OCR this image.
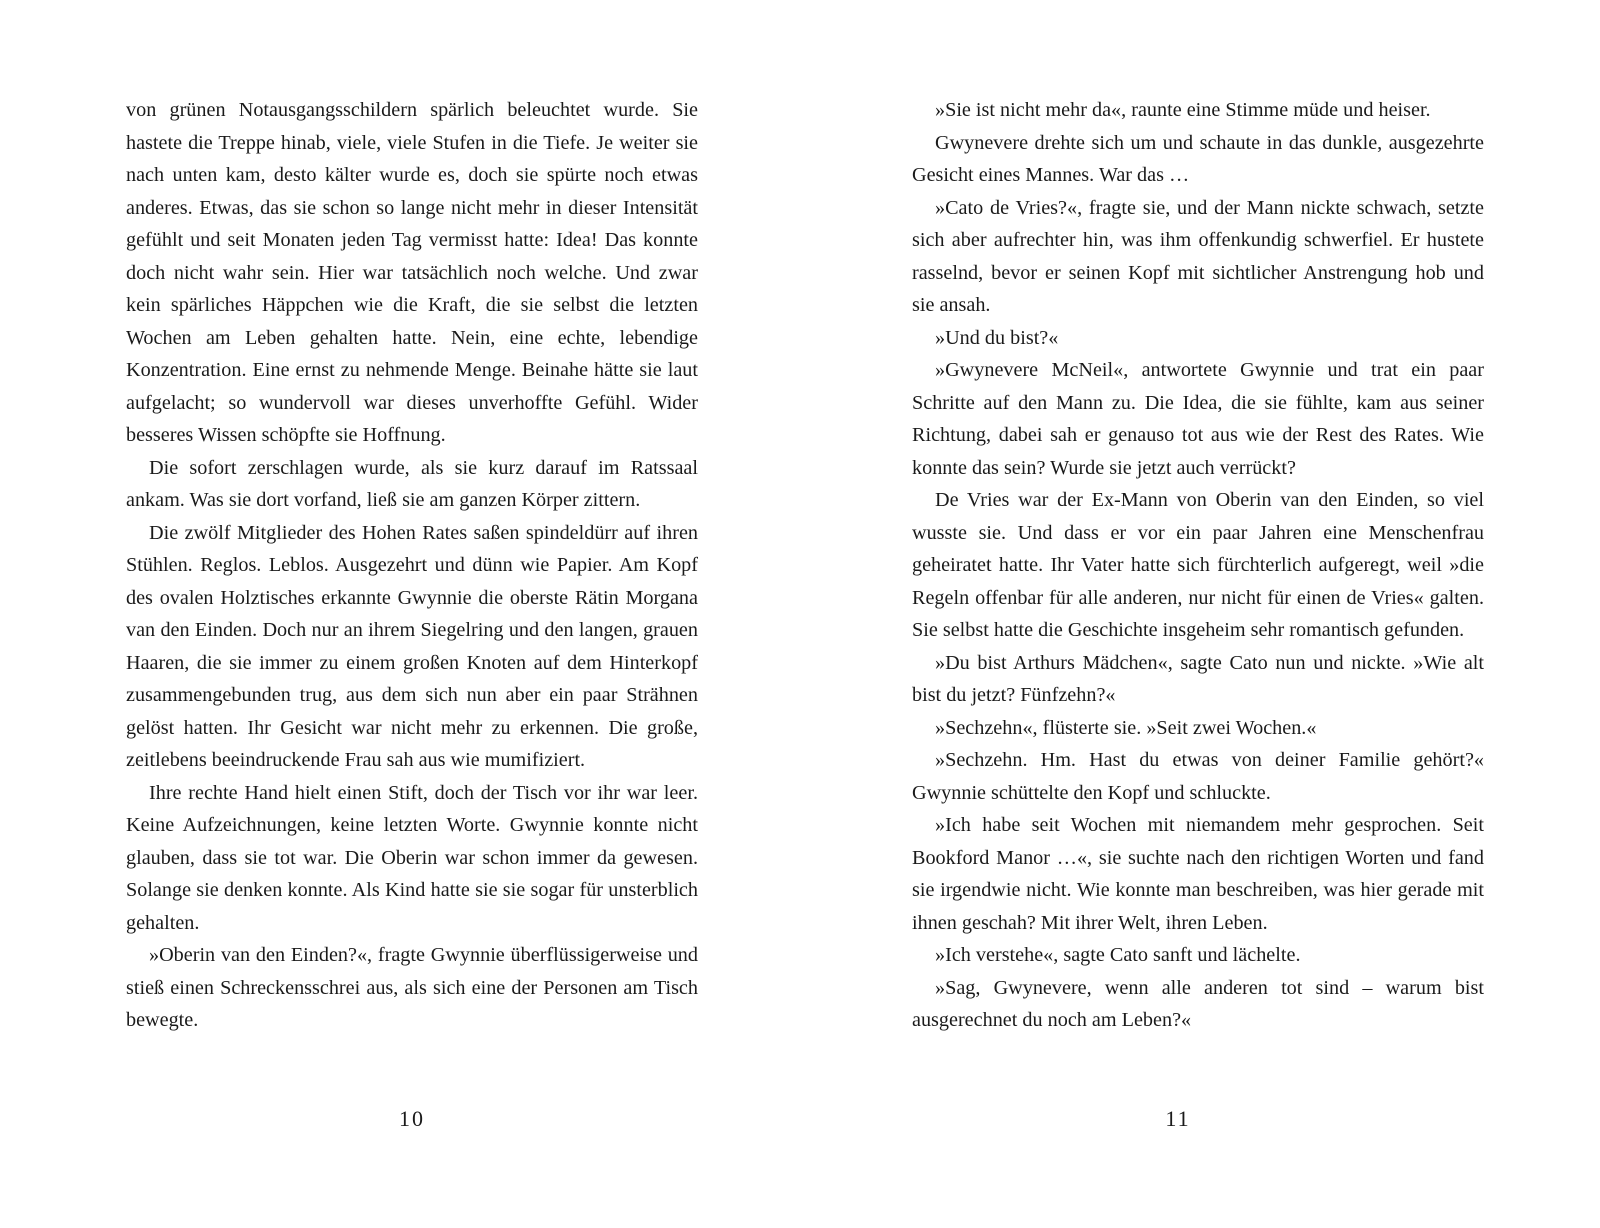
von grünen Notausgangsschildern spärlich beleuchtet wurde. Sie hastete die Treppe hinab, viele, viele Stufen in die Tiefe. Je weiter sie nach unten kam, desto kälter wurde es, doch sie spürte noch etwas anderes. Etwas, das sie schon so lange nicht mehr in dieser Intensität gefühlt und seit Monaten jeden Tag vermisst hatte: Idea! Das konnte doch nicht wahr sein. Hier war tatsächlich noch welche. Und zwar kein spärliches Häppchen wie die Kraft, die sie selbst die letzten Wochen am Leben gehalten hatte. Nein, eine echte, lebendige Konzentration. Eine ernst zu nehmende Menge. Beinahe hätte sie laut aufgelacht; so wundervoll war dieses unverhoffte Gefühl. Wider besseres Wissen schöpfte sie Hoffnung.

Die sofort zerschlagen wurde, als sie kurz darauf im Ratssaal ankam. Was sie dort vorfand, ließ sie am ganzen Körper zittern.

Die zwölf Mitglieder des Hohen Rates saßen spindeldürr auf ihren Stühlen. Reglos. Leblos. Ausgezehrt und dünn wie Papier. Am Kopf des ovalen Holztisches erkannte Gwynnie die oberste Rätin Morgana van den Einden. Doch nur an ihrem Siegelring und den langen, grauen Haaren, die sie immer zu einem großen Knoten auf dem Hinterkopf zusammengebunden trug, aus dem sich nun aber ein paar Strähnen gelöst hatten. Ihr Gesicht war nicht mehr zu erkennen. Die große, zeitlebens beeindruckende Frau sah aus wie mumifiziert.

Ihre rechte Hand hielt einen Stift, doch der Tisch vor ihr war leer. Keine Aufzeichnungen, keine letzten Worte. Gwynnie konnte nicht glauben, dass sie tot war. Die Oberin war schon immer da gewesen. Solange sie denken konnte. Als Kind hatte sie sie sogar für unsterblich gehalten.

»Oberin van den Einden?«, fragte Gwynnie überflüssigerweise und stieß einen Schreckensschrei aus, als sich eine der Personen am Tisch bewegte.

10

»Sie ist nicht mehr da«, raunte eine Stimme müde und heiser.

Gwynevere drehte sich um und schaute in das dunkle, ausgezehrte Gesicht eines Mannes. War das …

»Cato de Vries?«, fragte sie, und der Mann nickte schwach, setzte sich aber aufrechter hin, was ihm offenkundig schwerfiel. Er hustete rasselnd, bevor er seinen Kopf mit sichtlicher Anstrengung hob und sie ansah.

»Und du bist?«

»Gwynevere McNeil«, antwortete Gwynnie und trat ein paar Schritte auf den Mann zu. Die Idea, die sie fühlte, kam aus seiner Richtung, dabei sah er genauso tot aus wie der Rest des Rates. Wie konnte das sein? Wurde sie jetzt auch verrückt?

De Vries war der Ex-Mann von Oberin van den Einden, so viel wusste sie. Und dass er vor ein paar Jahren eine Menschenfrau geheiratet hatte. Ihr Vater hatte sich fürchterlich aufgeregt, weil »die Regeln offenbar für alle anderen, nur nicht für einen de Vries« galten. Sie selbst hatte die Geschichte insgeheim sehr romantisch gefunden.

»Du bist Arthurs Mädchen«, sagte Cato nun und nickte. »Wie alt bist du jetzt? Fünfzehn?«

»Sechzehn«, flüsterte sie. »Seit zwei Wochen.«

»Sechzehn. Hm. Hast du etwas von deiner Familie gehört?« Gwynnie schüttelte den Kopf und schluckte.

»Ich habe seit Wochen mit niemandem mehr gesprochen. Seit Bookford Manor …«, sie suchte nach den richtigen Worten und fand sie irgendwie nicht. Wie konnte man beschreiben, was hier gerade mit ihnen geschah? Mit ihrer Welt, ihren Leben.

»Ich verstehe«, sagte Cato sanft und lächelte.

»Sag, Gwynevere, wenn alle anderen tot sind – warum bist ausgerechnet du noch am Leben?«

11
